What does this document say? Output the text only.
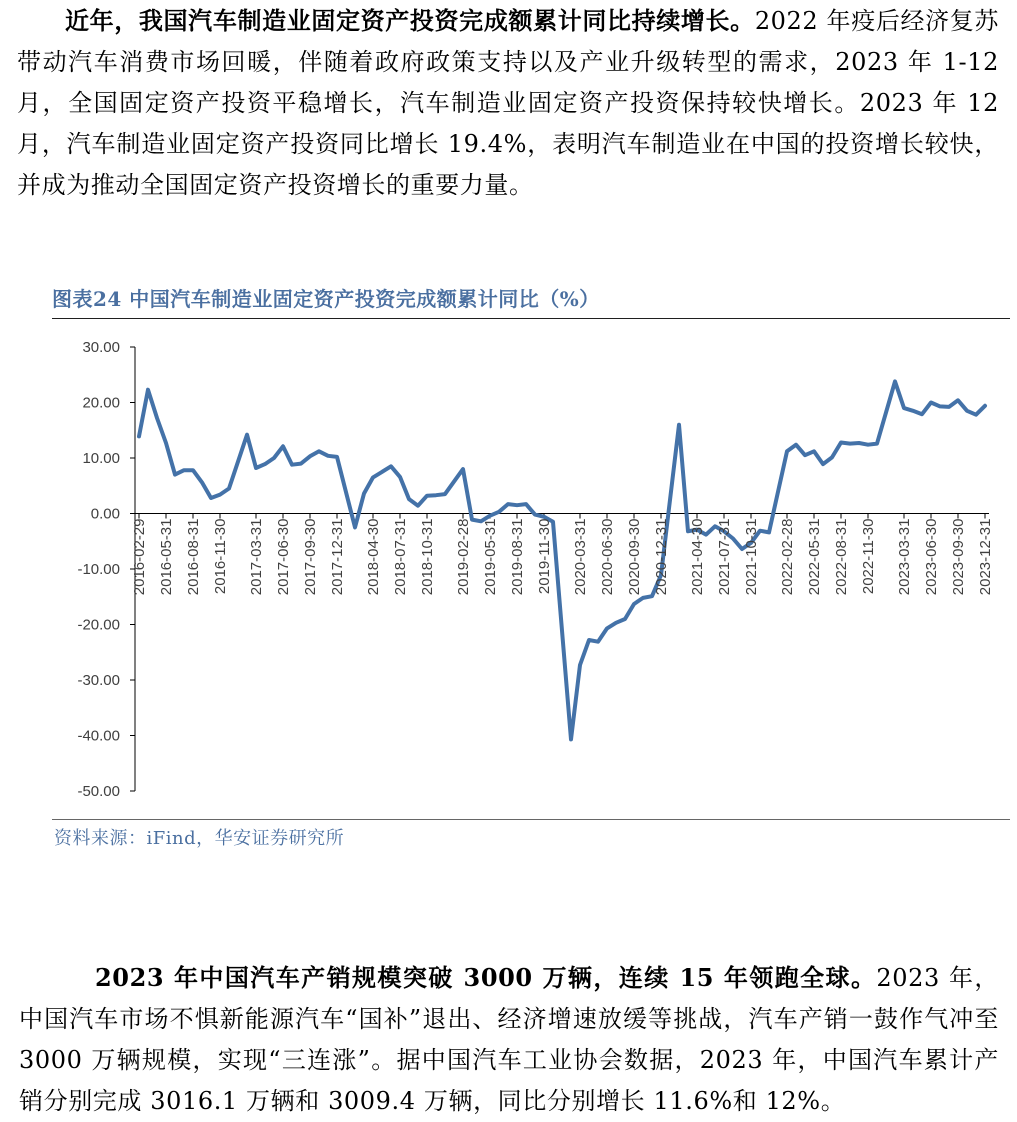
近年，我国汽车制造业固定资产投资完成额累计同比持续增长。2022 年疫后经济复苏带动汽车消费市场回暖，伴随着政府政策支持以及产业升级转型的需求，2023 年 1-12 月，全国固定资产投资平稳增长，汽车制造业固定资产投资保持较快增长。2023 年 12 月，汽车制造业固定资产投资同比增长 19.4%，表明汽车制造业在中国的投资增长较快，并成为推动全国固定资产投资增长的重要力量。

图表24 中国汽车制造业固定资产投资完成额累计同比（%）
30.00
20.00
10.00
0.00
-10.00
-20.00
-30.00
-40.00
-50.00
2016-02-29 2016-05-31 2016-08-31 2016-11-30 2017-03-31 2017-06-30 2017-09-30 2017-12-31 2018-04-30 2018-07-31 2018-10-31 2019-02-28 2019-05-31 2019-08-31 2019-11-30 2020-03-31 2020-06-30 2020-09-30 2020-12-31 2021-04-30 2021-07-31 2021-10-31 2022-02-28 2022-05-31 2022-08-31 2022-11-30 2023-03-31 2023-06-30 2023-09-30 2023-12-31
资料来源：iFind，华安证券研究所

2023 年中国汽车产销规模突破 3000 万辆，连续 15 年领跑全球。2023 年，中国汽车市场不惧新能源汽车“国补”退出、经济增速放缓等挑战，汽车产销一鼓作气冲至 3000 万辆规模，实现“三连涨”。据中国汽车工业协会数据，2023 年，中国汽车累计产销分别完成 3016.1 万辆和 3009.4 万辆，同比分别增长 11.6%和 12%。
